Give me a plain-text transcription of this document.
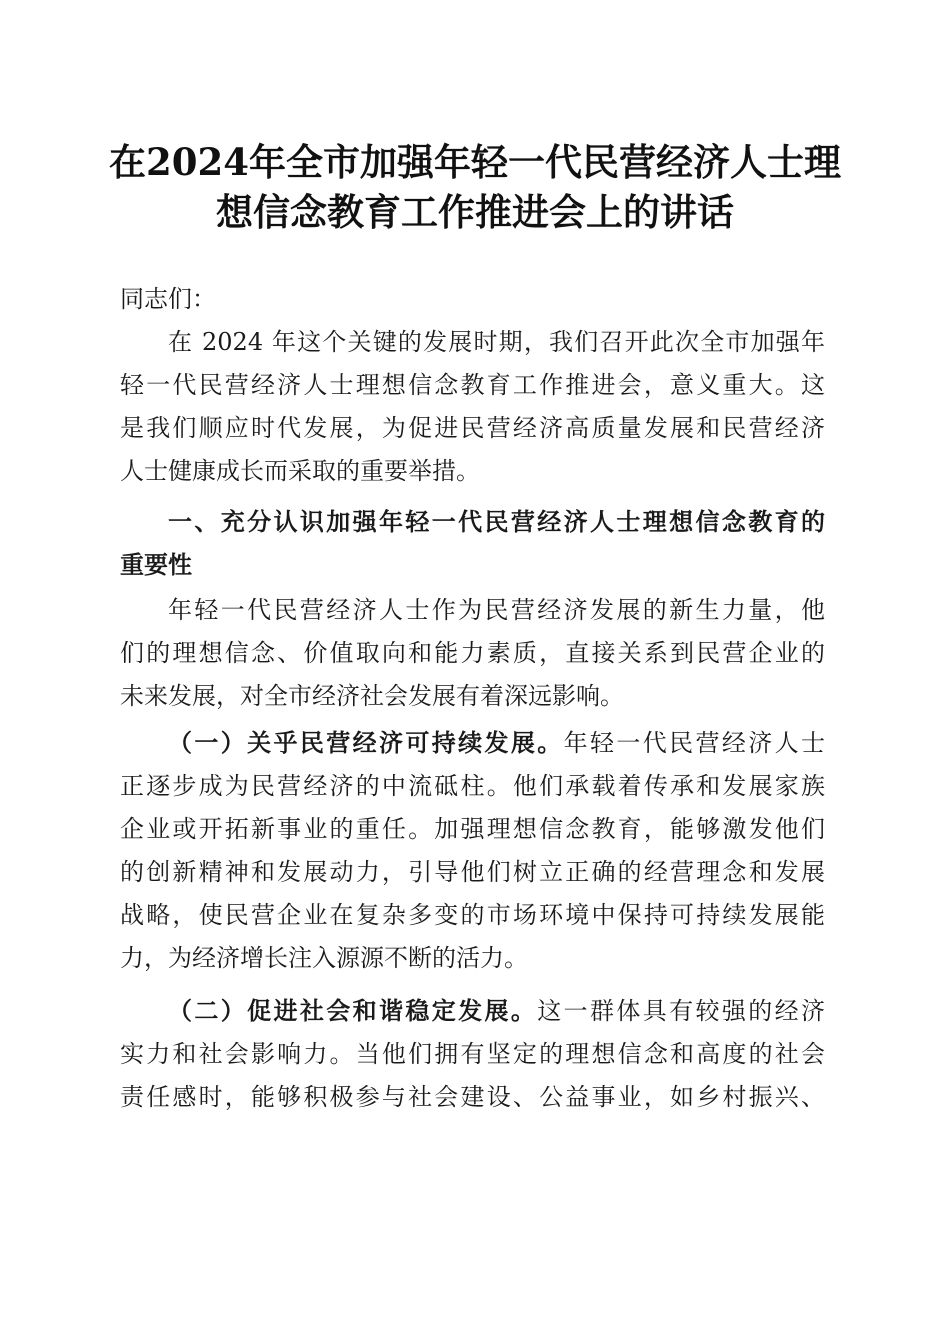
在2024年全市加强年轻一代民营经济人士理
想信念教育工作推进会上的讲话
同志们：
在 2024 年这个关键的发展时期，我们召开此次全市加强年
轻一代民营经济人士理想信念教育工作推进会，意义重大。这
是我们顺应时代发展，为促进民营经济高质量发展和民营经济
人士健康成长而采取的重要举措。
一、充分认识加强年轻一代民营经济人士理想信念教育的
重要性
年轻一代民营经济人士作为民营经济发展的新生力量，他
们的理想信念、价值取向和能力素质，直接关系到民营企业的
未来发展，对全市经济社会发展有着深远影响。
（一）关乎民营经济可持续发展。年轻一代民营经济人士
正逐步成为民营经济的中流砥柱。他们承载着传承和发展家族
企业或开拓新事业的重任。加强理想信念教育，能够激发他们
的创新精神和发展动力，引导他们树立正确的经营理念和发展
战略，使民营企业在复杂多变的市场环境中保持可持续发展能
力，为经济增长注入源源不断的活力。
（二）促进社会和谐稳定发展。这一群体具有较强的经济
实力和社会影响力。当他们拥有坚定的理想信念和高度的社会
责任感时，能够积极参与社会建设、公益事业，如乡村振兴、
